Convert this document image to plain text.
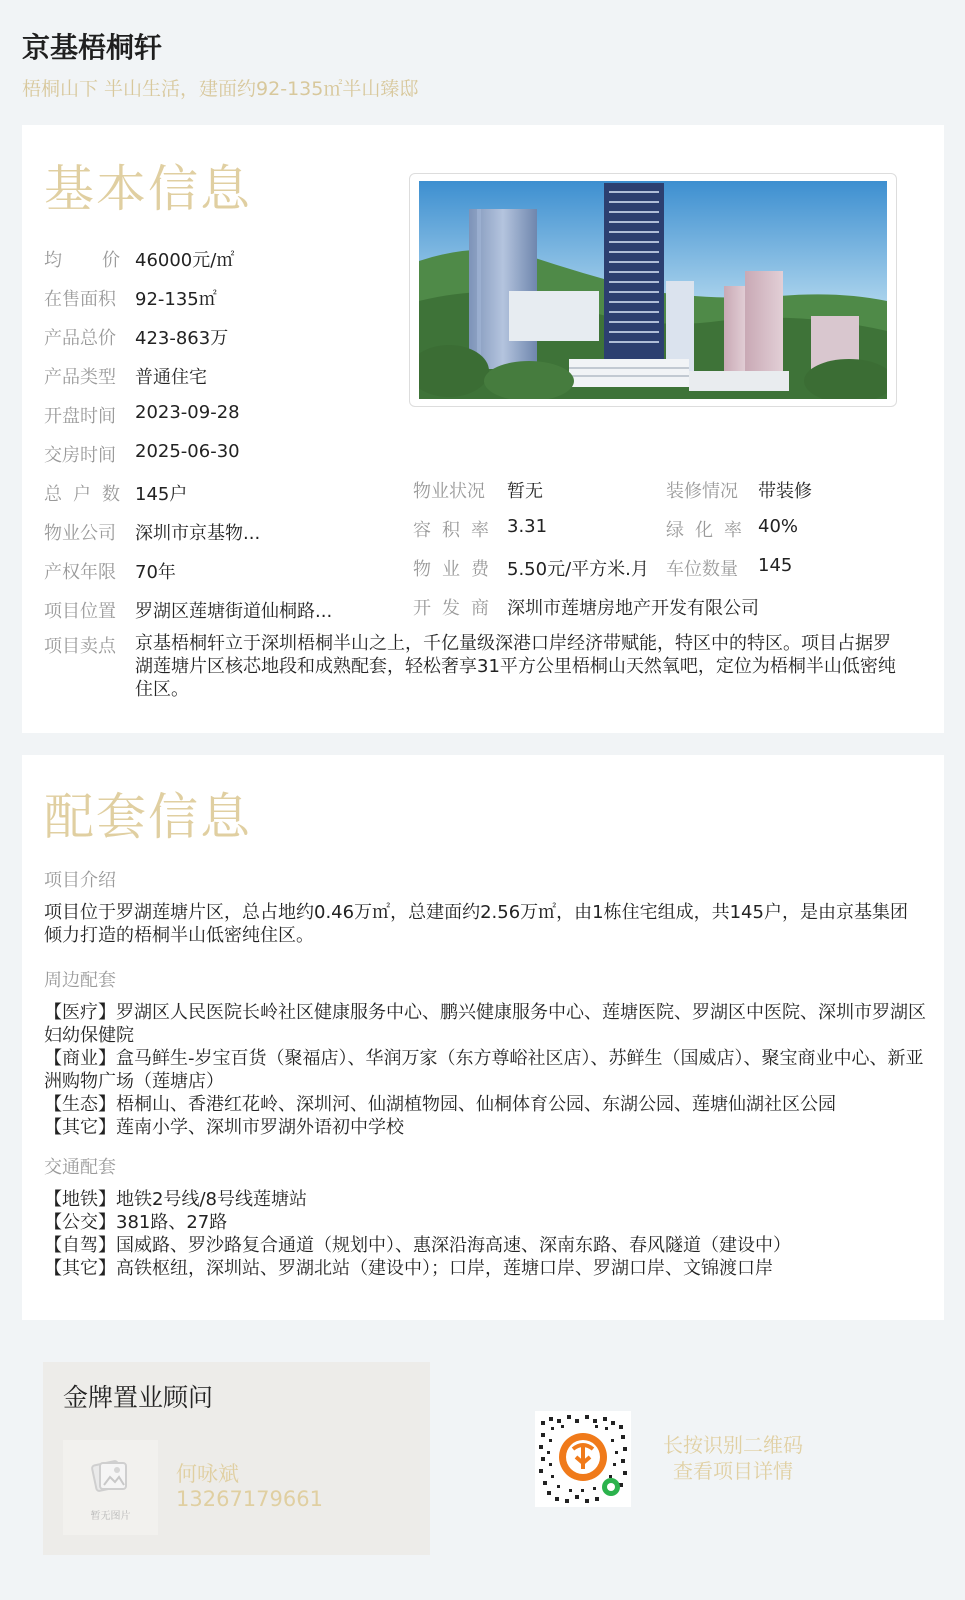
京基梧桐轩
梧桐山下 半山生活，建面约92-135㎡半山臻邸
基本信息
均价 46000元/㎡
在售面积 92-135㎡
产品总价 423-863万
产品类型 普通住宅
开盘时间 2023-09-28
交房时间 2025-06-30
总户数 145户
物业公司 深圳市京基物...
产权年限 70年
项目位置 罗湖区莲塘街道仙桐路...
物业状况 暂无	装修情况 带装修
容积率 3.31	绿化率 40%
物业费 5.50元/平方米.月 车位数量 145
开发商 深圳市莲塘房地产开发有限公司
项目卖点 京基梧桐轩立于深圳梧桐半山之上，千亿量级深港口岸经济带赋能，特区中的特区。项目占据罗湖莲塘片区核芯地段和成熟配套，轻松奢享31平方公里梧桐山天然氧吧，定位为梧桐半山低密纯住区。
配套信息
项目介绍
项目位于罗湖莲塘片区，总占地约0.46万㎡，总建面约2.56万㎡，由1栋住宅组成，共145户，是由京基集团倾力打造的梧桐半山低密纯住区。
周边配套
【医疗】罗湖区人民医院长岭社区健康服务中心、鹏兴健康服务中心、莲塘医院、罗湖区中医院、深圳市罗湖区妇幼保健院
【商业】盒马鲜生-岁宝百货（聚福店）、华润万家（东方尊峪社区店）、苏鲜生（国威店）、聚宝商业中心、新亚洲购物广场（莲塘店）
【生态】梧桐山、香港红花岭、深圳河、仙湖植物园、仙桐体育公园、东湖公园、莲塘仙湖社区公园
【其它】莲南小学、深圳市罗湖外语初中学校
交通配套
【地铁】地铁2号线/8号线莲塘站
【公交】381路、27路
【自驾】国威路、罗沙路复合通道（规划中）、惠深沿海高速、深南东路、春风隧道（建设中）
【其它】高铁枢纽，深圳站、罗湖北站（建设中）；口岸，莲塘口岸、罗湖口岸、文锦渡口岸
金牌置业顾问
暂无图片
何咏斌
13267179661
长按识别二维码
查看项目详情
